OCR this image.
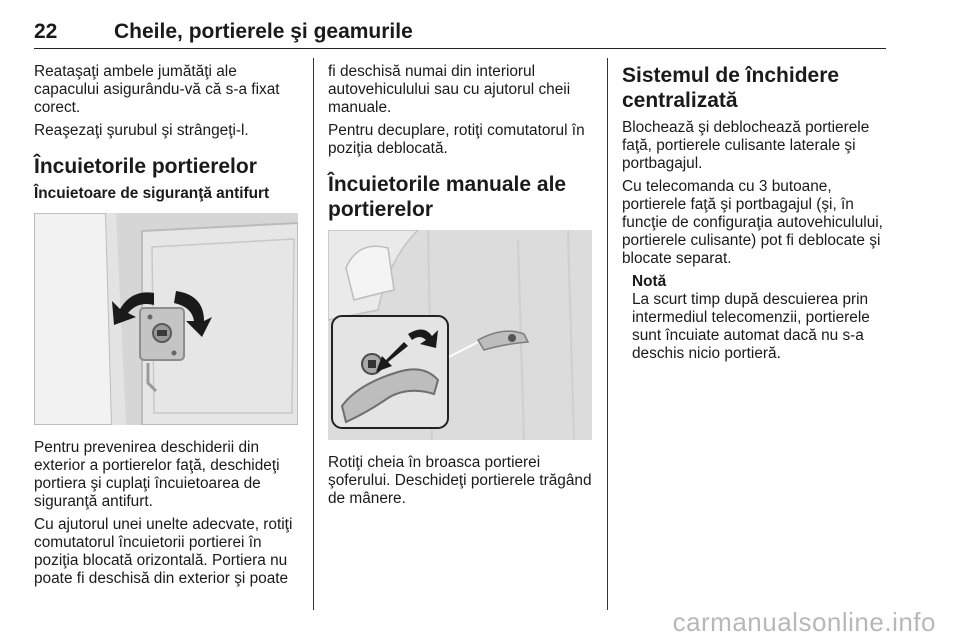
22	Cheile, portierele şi geamurile

Reataşaţi ambele jumătăţi ale capacului asigurându-vă că s-a fixat corect.

Reaşezaţi şurubul şi strângeţi-l.

Încuietorile portierelor
Încuietoare de siguranţă antifurt

Pentru prevenirea deschiderii din exterior a portierelor faţă, deschideţi portiera şi cuplaţi încuietoarea de siguranţă antifurt.

Cu ajutorul unei unelte adecvate, rotiţi comutatorul încuietorii portierei în poziţia blocată orizontală. Portiera nu poate fi deschisă din exterior şi poate

fi deschisă numai din interiorul autovehiculului sau cu ajutorul cheii manuale.

Pentru decuplare, rotiţi comutatorul în poziţia deblocată.

Încuietorile manuale ale portierelor

Rotiţi cheia în broasca portierei şoferului. Deschideţi portierele trăgând de mânere.

Sistemul de închidere centralizată

Blochează şi deblochează portierele faţă, portierele culisante laterale şi portbagajul.

Cu telecomanda cu 3 butoane, portierele faţă şi portbagajul (şi, în funcţie de configuraţia autovehiculului, portierele culisante) pot fi deblocate şi blocate separat.

Notă

La scurt timp după descuierea prin intermediul telecomenzii, portierele sunt încuiate automat dacă nu s-a deschis nicio portieră.

carmanualsonline.info
